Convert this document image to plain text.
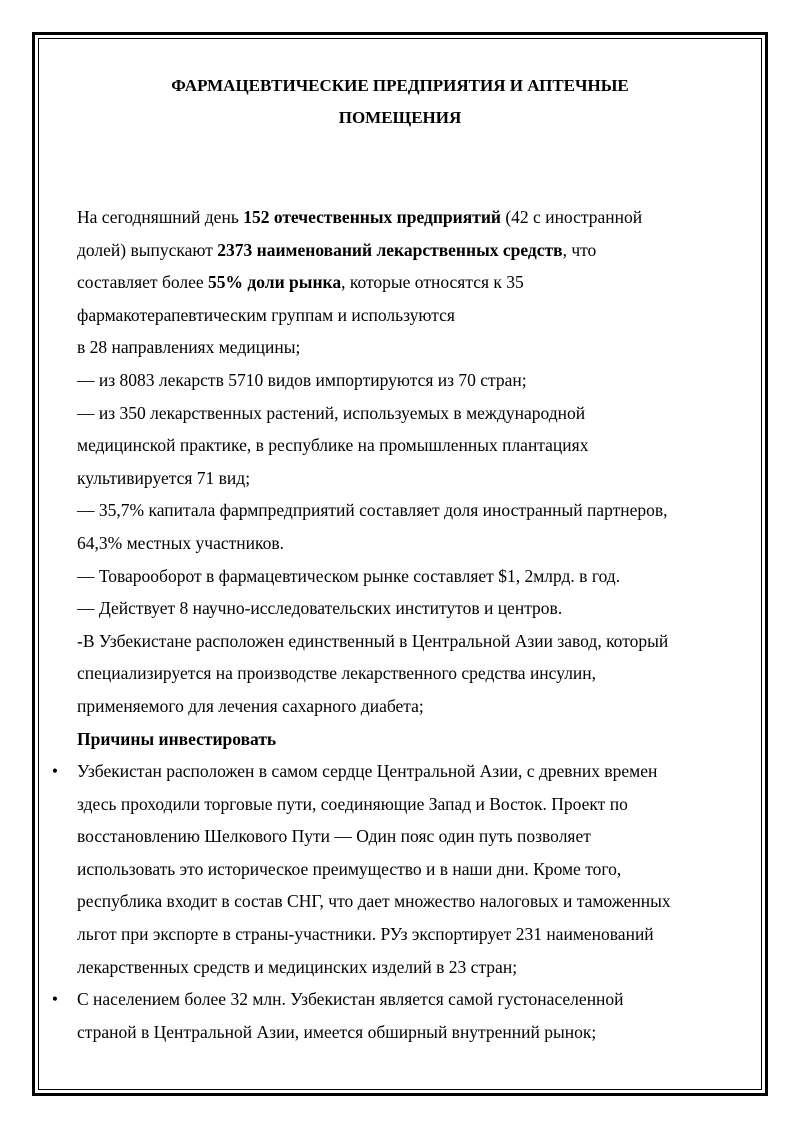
ФАРМАЦЕВТИЧЕСКИЕ ПРЕДПРИЯТИЯ И АПТЕЧНЫЕ
ПОМЕЩЕНИЯ
На сегодняшний день 152 отечественных предприятий (42 с иностранной
долей) выпускают 2373 наименований лекарственных средств, что
составляет более 55% доли рынка, которые относятся к 35
фармакотерапевтическим группам и используются
в 28 направлениях медицины;
— из 8083 лекарств 5710 видов импортируются из 70 стран;
— из 350 лекарственных растений, используемых в международной
медицинской практике, в республике на промышленных плантациях
культивируется 71 вид;
— 35,7% капитала фармпредприятий составляет доля иностранный партнеров,
64,3% местных участников.
— Товарооборот в фармацевтическом рынке составляет $1, 2млрд. в год.
— Действует 8 научно-исследовательских институтов и центров.
-В Узбекистане расположен единственный в Центральной Азии завод, который
специализируется на производстве лекарственного средства инсулин,
применяемого для лечения сахарного диабета;
Причины инвестировать
• Узбекистан расположен в самом сердце Центральной Азии, с древних времен
здесь проходили торговые пути, соединяющие Запад и Восток. Проект по
восстановлению Шелкового Пути — Один пояс один путь позволяет
использовать это историческое преимущество и в наши дни. Кроме того,
республика входит в состав СНГ, что дает множество налоговых и таможенных
льгот при экспорте в страны-участники. РУз экспортирует 231 наименований
лекарственных средств и медицинских изделий в 23 стран;
• С населением более 32 млн. Узбекистан является самой густонаселенной
страной в Центральной Азии, имеется обширный внутренний рынок;
